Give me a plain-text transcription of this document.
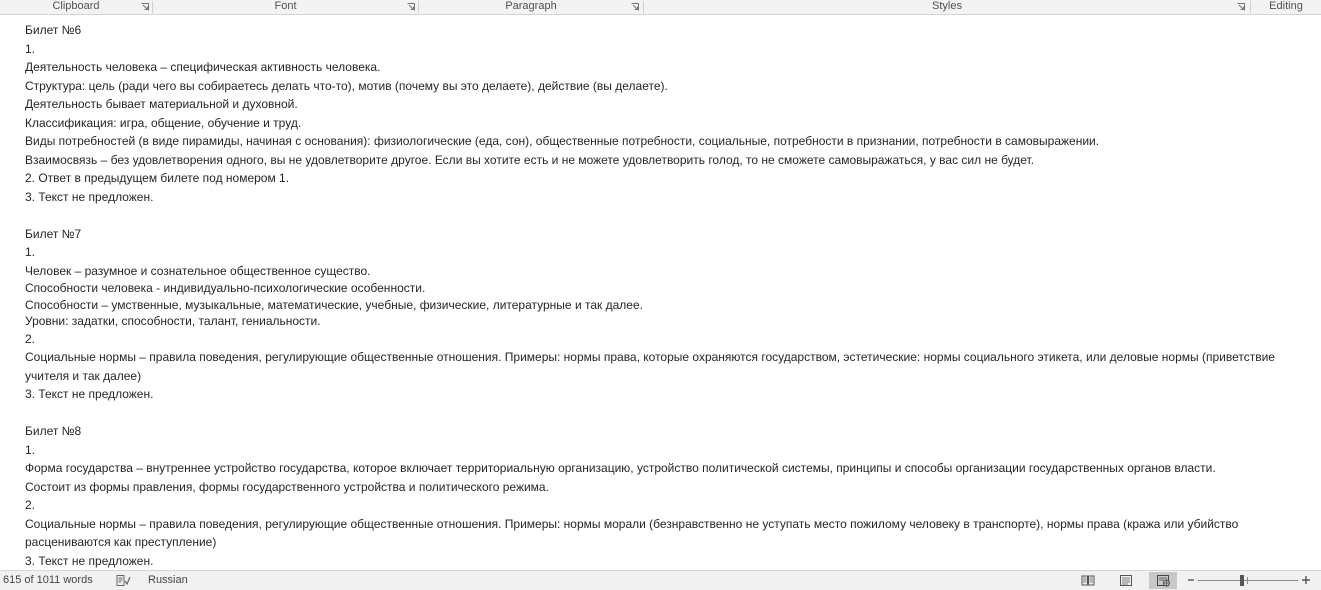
Clipboard	Font	Paragraph	Styles	Editing
Билет №6
1.
Деятельность человека – специфическая активность человека.
Структура: цель (ради чего вы собираетесь делать что-то), мотив (почему вы это делаете), действие (вы делаете).
Деятельность бывает материальной и духовной.
Классификация: игра, общение, обучение и труд.
Виды потребностей (в виде пирамиды, начиная с основания): физиологические (еда, сон), общественные потребности, социальные, потребности в признании, потребности в самовыражении.
Взаимосвязь – без удовлетворения одного, вы не удовлетворите другое. Если вы хотите есть и не можете удовлетворить голод, то не сможете самовыражаться, у вас сил не будет.
2. Ответ в предыдущем билете под номером 1.
3. Текст не предложен.
Билет №7
1.
Человек – разумное и сознательное общественное существо.
Способности человека - индивидуально-психологические особенности.
Способности – умственные, музыкальные, математические, учебные, физические, литературные и так далее.
Уровни: задатки, способности, талант, гениальности.
2.
Социальные нормы – правила поведения, регулирующие общественные отношения. Примеры: нормы права, которые охраняются государством, эстетические: нормы социального этикета, или деловые нормы (приветствие учителя и так далее)
3. Текст не предложен.
Билет №8
1.
Форма государства – внутреннее устройство государства, которое включает территориальную организацию, устройство политической системы, принципы и способы организации государственных органов власти.
Состоит из формы правления, формы государственного устройства и политического режима.
2.
Социальные нормы – правила поведения, регулирующие общественные отношения. Примеры: нормы морали (безнравственно не уступать место пожилому человеку в транспорте), нормы права (кража или убийство расцениваются как преступление)
3. Текст не предложен.
615 of 1011 words	Russian
